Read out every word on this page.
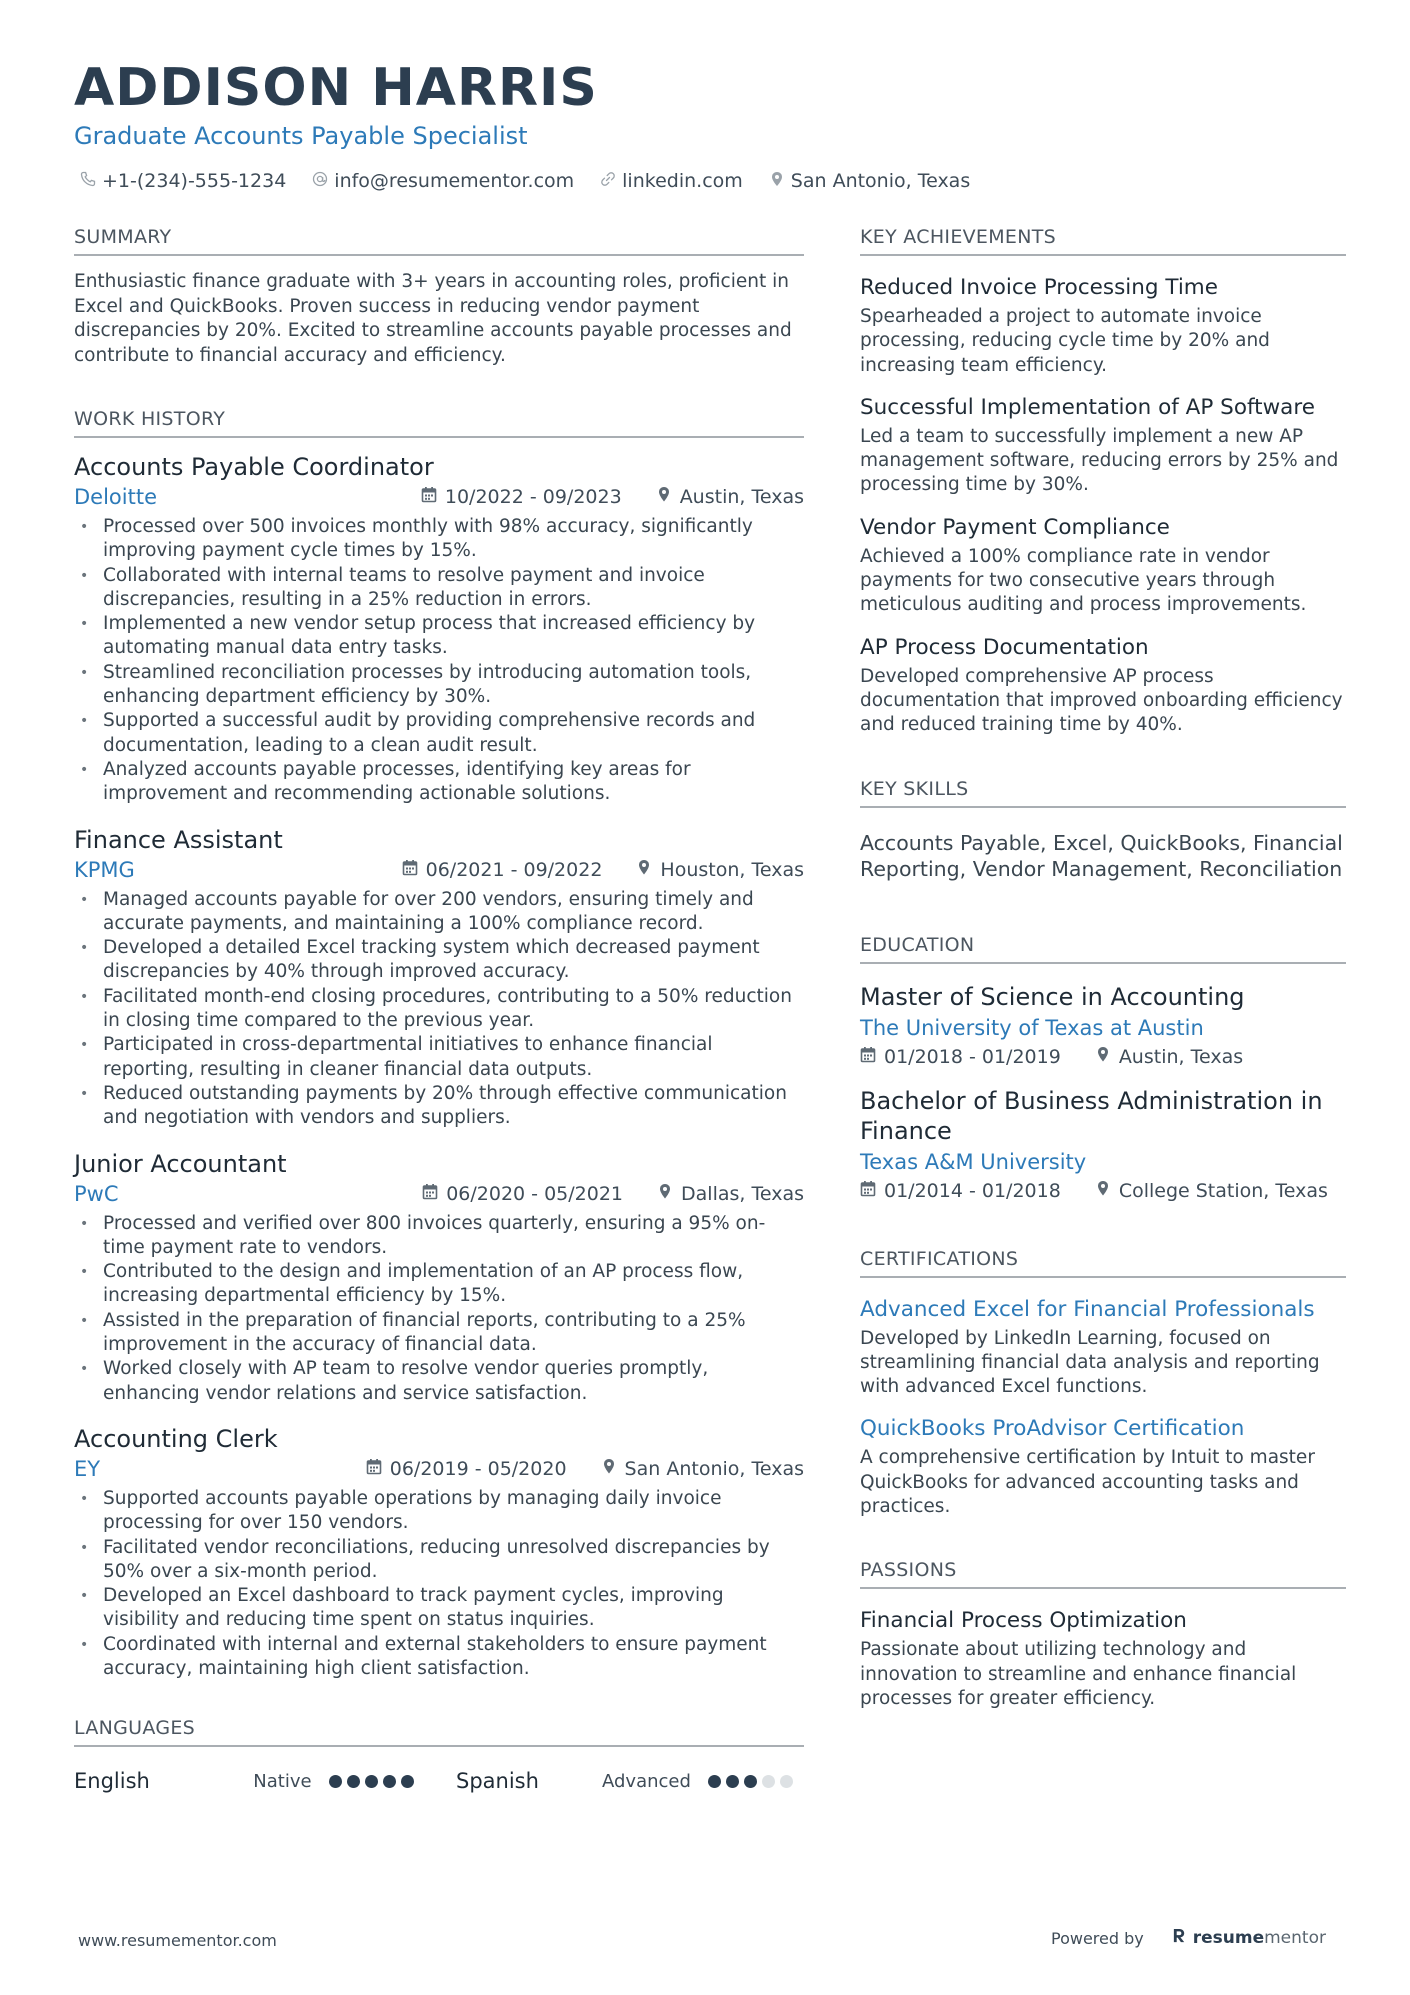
ADDISON HARRIS
Graduate Accounts Payable Specialist
+1-(234)-555-1234	info@resumementor.com	linkedin.com	San Antonio, Texas
SUMMARY
Enthusiastic finance graduate with 3+ years in accounting roles, proficient in Excel and QuickBooks. Proven success in reducing vendor payment discrepancies by 20%. Excited to streamline accounts payable processes and contribute to financial accuracy and efficiency.
WORK HISTORY
Accounts Payable Coordinator
Deloitte	10/2022 - 09/2023	Austin, Texas
• Processed over 500 invoices monthly with 98% accuracy, significantly improving payment cycle times by 15%.
• Collaborated with internal teams to resolve payment and invoice discrepancies, resulting in a 25% reduction in errors.
• Implemented a new vendor setup process that increased efficiency by automating manual data entry tasks.
• Streamlined reconciliation processes by introducing automation tools, enhancing department efficiency by 30%.
• Supported a successful audit by providing comprehensive records and documentation, leading to a clean audit result.
• Analyzed accounts payable processes, identifying key areas for improvement and recommending actionable solutions.
Finance Assistant
KPMG	06/2021 - 09/2022	Houston, Texas
• Managed accounts payable for over 200 vendors, ensuring timely and accurate payments, and maintaining a 100% compliance record.
• Developed a detailed Excel tracking system which decreased payment discrepancies by 40% through improved accuracy.
• Facilitated month-end closing procedures, contributing to a 50% reduction in closing time compared to the previous year.
• Participated in cross-departmental initiatives to enhance financial reporting, resulting in cleaner financial data outputs.
• Reduced outstanding payments by 20% through effective communication and negotiation with vendors and suppliers.
Junior Accountant
PwC	06/2020 - 05/2021	Dallas, Texas
• Processed and verified over 800 invoices quarterly, ensuring a 95% on-time payment rate to vendors.
• Contributed to the design and implementation of an AP process flow, increasing departmental efficiency by 15%.
• Assisted in the preparation of financial reports, contributing to a 25% improvement in the accuracy of financial data.
• Worked closely with AP team to resolve vendor queries promptly, enhancing vendor relations and service satisfaction.
Accounting Clerk
EY	06/2019 - 05/2020	San Antonio, Texas
• Supported accounts payable operations by managing daily invoice processing for over 150 vendors.
• Facilitated vendor reconciliations, reducing unresolved discrepancies by 50% over a six-month period.
• Developed an Excel dashboard to track payment cycles, improving visibility and reducing time spent on status inquiries.
• Coordinated with internal and external stakeholders to ensure payment accuracy, maintaining high client satisfaction.
LANGUAGES
English	Native	Spanish	Advanced
KEY ACHIEVEMENTS
Reduced Invoice Processing Time
Spearheaded a project to automate invoice processing, reducing cycle time by 20% and increasing team efficiency.
Successful Implementation of AP Software
Led a team to successfully implement a new AP management software, reducing errors by 25% and processing time by 30%.
Vendor Payment Compliance
Achieved a 100% compliance rate in vendor payments for two consecutive years through meticulous auditing and process improvements.
AP Process Documentation
Developed comprehensive AP process documentation that improved onboarding efficiency and reduced training time by 40%.
KEY SKILLS
Accounts Payable, Excel, QuickBooks, Financial Reporting, Vendor Management, Reconciliation
EDUCATION
Master of Science in Accounting
The University of Texas at Austin
01/2018 - 01/2019	Austin, Texas
Bachelor of Business Administration in Finance
Texas A&M University
01/2014 - 01/2018	College Station, Texas
CERTIFICATIONS
Advanced Excel for Financial Professionals
Developed by LinkedIn Learning, focused on streamlining financial data analysis and reporting with advanced Excel functions.
QuickBooks ProAdvisor Certification
A comprehensive certification by Intuit to master QuickBooks for advanced accounting tasks and practices.
PASSIONS
Financial Process Optimization
Passionate about utilizing technology and innovation to streamline and enhance financial processes for greater efficiency.
www.resumementor.com	Powered by	resumementor
